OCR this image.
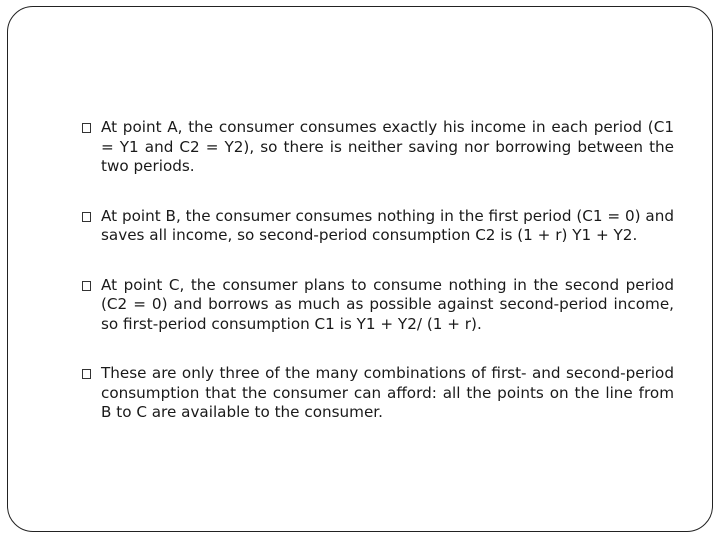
At point A, the consumer consumes exactly his income in each period (C1 = Y1 and C2 = Y2), so there is neither saving nor borrowing between the two periods.
At point B, the consumer consumes nothing in the first period (C1 = 0) and saves all income, so second-period consumption C2 is (1 + r) Y1 + Y2.
At point C, the consumer plans to consume nothing in the second period (C2 = 0) and borrows as much as possible against second-period income, so first-period consumption C1 is Y1 + Y2/ (1 + r).
These are only three of the many combinations of first- and second-period consumption that the consumer can afford: all the points on the line from B to C are available to the consumer.
